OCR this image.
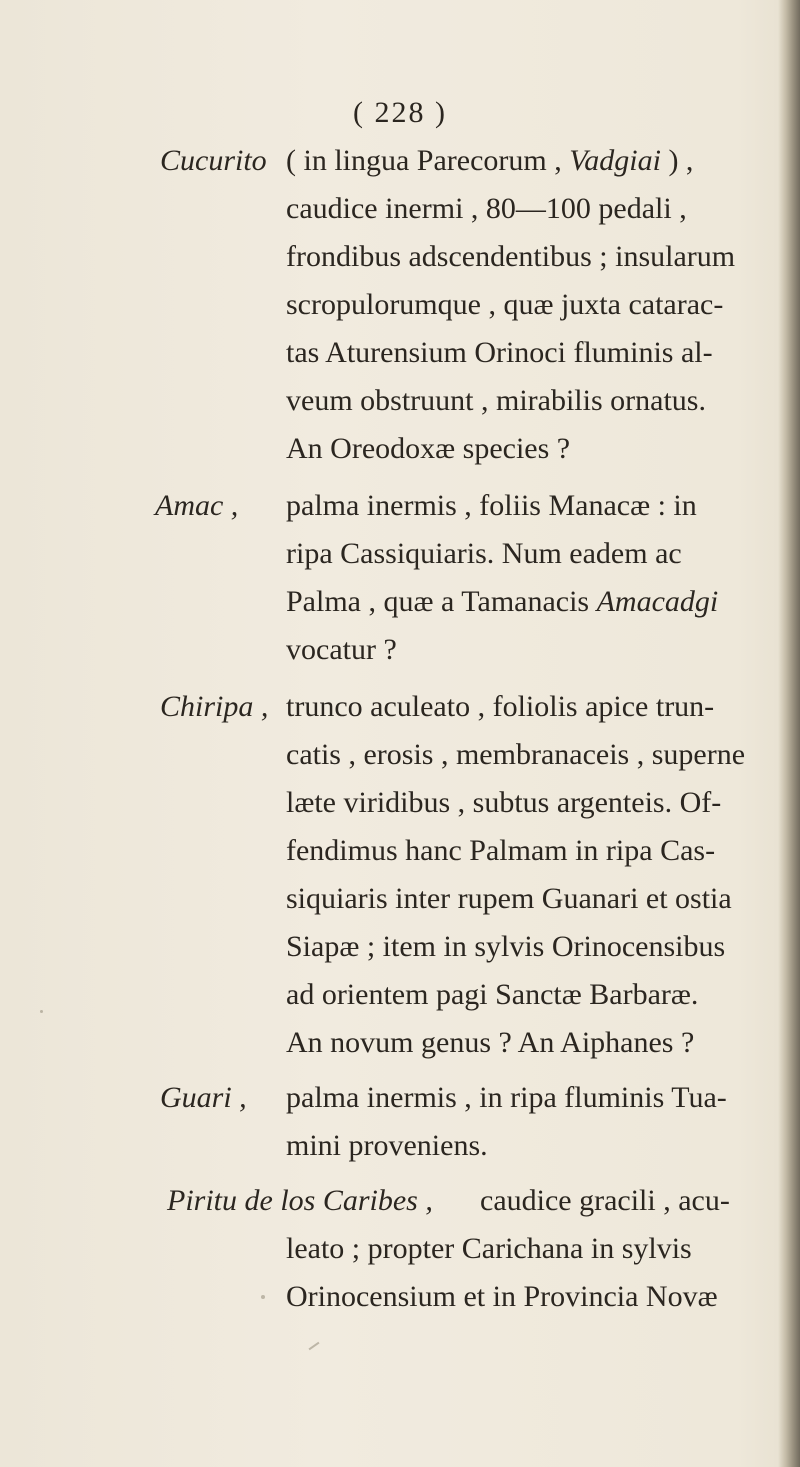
( 228 )
Cucurito ( in lingua Parecorum , Vadgiai ) ,
caudice inermi , 80—100 pedali ,
frondibus adscendentibus ; insularum
scropulorumque , quæ juxta catarac-
tas Aturensium Orinoci fluminis al-
veum obstruunt , mirabilis ornatus.
An Oreodoxæ species ?
Amac , palma inermis , foliis Manacæ : in
ripa Cassiquiaris. Num eadem ac
Palma , quæ a Tamanacis Amacadgi
vocatur ?
Chiripa , trunco aculeato , foliolis apice trun-
catis , erosis , membranaceis , superne
læte viridibus , subtus argenteis. Of-
fendimus hanc Palmam in ripa Cas-
siquiaris inter rupem Guanari et ostia
Siapæ ; item in sylvis Orinocensibus
ad orientem pagi Sanctæ Barbaræ.
An novum genus ? An Aiphanes ?
Guari , palma inermis , in ripa fluminis Tua-
mini proveniens.
Piritu de los Caribes , caudice gracili , acu-
leato ; propter Carichana in sylvis
Orinocensium et in Provincia Novæ
